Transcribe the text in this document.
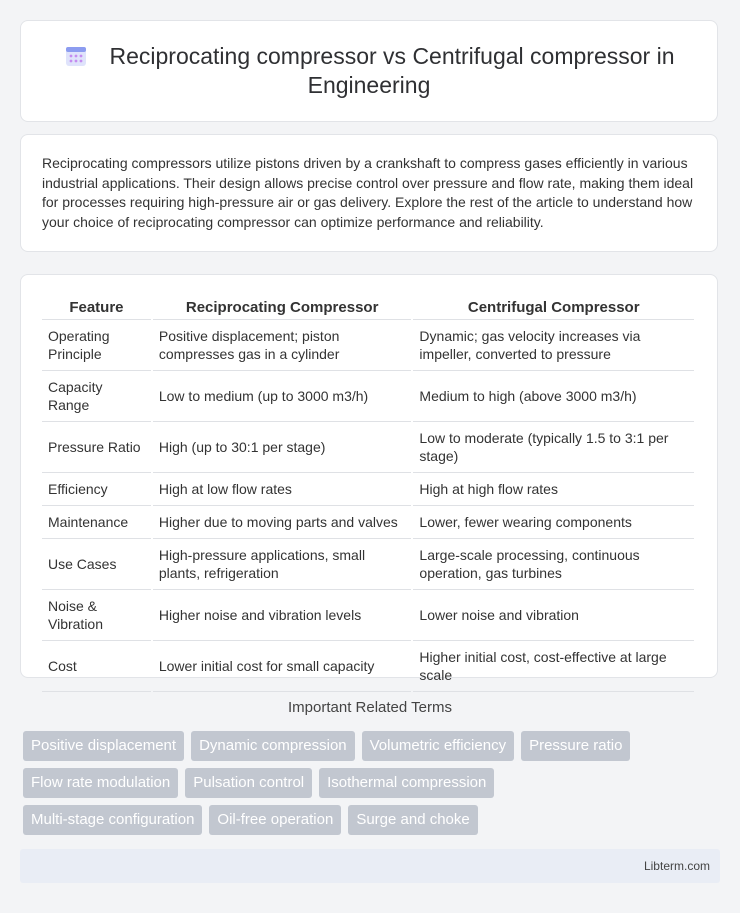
Reciprocating compressor vs Centrifugal compressor in Engineering
Reciprocating compressors utilize pistons driven by a crankshaft to compress gases efficiently in various industrial applications. Their design allows precise control over pressure and flow rate, making them ideal for processes requiring high-pressure air or gas delivery. Explore the rest of the article to understand how your choice of reciprocating compressor can optimize performance and reliability.
Feature	Reciprocating Compressor	Centrifugal Compressor
Operating Principle	Positive displacement; piston compresses gas in a cylinder	Dynamic; gas velocity increases via impeller, converted to pressure
Capacity Range	Low to medium (up to 3000 m3/h)	Medium to high (above 3000 m3/h)
Pressure Ratio	High (up to 30:1 per stage)	Low to moderate (typically 1.5 to 3:1 per stage)
Efficiency	High at low flow rates	High at high flow rates
Maintenance	Higher due to moving parts and valves	Lower, fewer wearing components
Use Cases	High-pressure applications, small plants, refrigeration	Large-scale processing, continuous operation, gas turbines
Noise & Vibration	Higher noise and vibration levels	Lower noise and vibration
Cost	Lower initial cost for small capacity	Higher initial cost, cost-effective at large scale
Important Related Terms
Positive displacement	Dynamic compression	Volumetric efficiency	Pressure ratio
Flow rate modulation	Pulsation control	Isothermal compression
Multi-stage configuration	Oil-free operation	Surge and choke
Libterm.com
